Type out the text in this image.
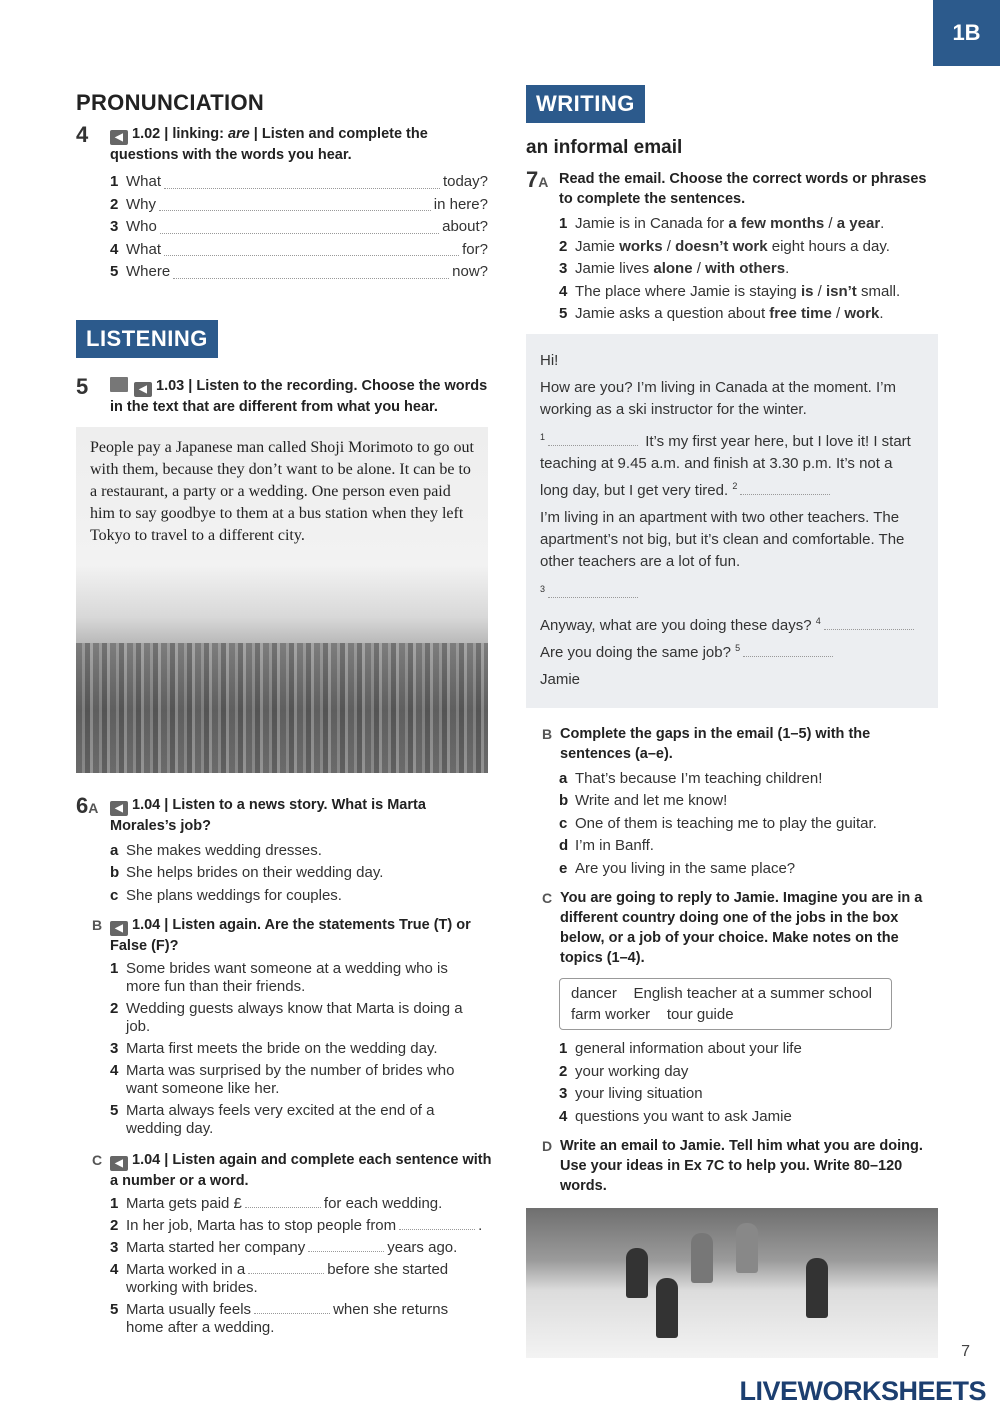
1B
PRONUNCIATION
4	◀ 1.02 | linking: are | Listen and complete the questions with the words you hear.
1 What	today?
2 Why	in here?
3 Who	about?
4 What	for?
5 Where	now?
LISTENING
5	◀ 1.03 | Listen to the recording. Choose the words in the text that are different from what you hear.

People pay a Japanese man called Shoji Morimoto to go out with them, because they don’t want to be alone. It can be to a restaurant, a party or a wedding. One person even paid him to say goodbye to them at a bus station when they left Tokyo to travel to a different city.

6A	◀ 1.04 | Listen to a news story. What is Marta Morales’s job?
a She makes wedding dresses.
b She helps brides on their wedding day.
c She plans weddings for couples.
B	◀ 1.04 | Listen again. Are the statements True (T) or False (F)?
1 Some brides want someone at a wedding who is more fun than their friends.
2 Wedding guests always know that Marta is doing a job.
3 Marta first meets the bride on the wedding day.
4 Marta was surprised by the number of brides who want someone like her.
5 Marta always feels very excited at the end of a wedding day.
C	◀ 1.04 | Listen again and complete each sentence with a number or a word.
1 Marta gets paid £	for each wedding.
2 In her job, Marta has to stop people from	.
3 Marta started her company	years ago.
4 Marta worked in a	before she started working with brides.
5 Marta usually feels	when she returns home after a wedding.
WRITING
an informal email
7A Read the email. Choose the correct words or phrases to complete the sentences.
1 Jamie is in Canada for a few months / a year.
2 Jamie works / doesn’t work eight hours a day.
3 Jamie lives alone / with others.
4 The place where Jamie is staying is / isn’t small.
5 Jamie asks a question about free time / work.

Hi!

How are you? I’m living in Canada at the moment. I’m working as a ski instructor for the winter.

$^1$	It’s my first year here, but I love it! I start teaching at 9.45 a.m. and finish at 3.30 p.m. It’s not a long day, but I get very tired. $^2$

I’m living in an apartment with two other teachers. The apartment’s not big, but it’s clean and comfortable. The other teachers are a lot of fun.

$^3$

Anyway, what are you doing these days? $^4$
Are you doing the same job? $^5$

Jamie

B Complete the gaps in the email (1–5) with the sentences (a–e).
a That’s because I’m teaching children!
b Write and let me know!
c One of them is teaching me to play the guitar.
d I’m in Banff.
e Are you living in the same place?
C You are going to reply to Jamie. Imagine you are in a different country doing one of the jobs in the box below, or a job of your choice. Make notes on the topics (1–4).
dancer    English teacher at a summer school
farm worker    tour guide
1 general information about your life
2 your working day
3 your living situation
4 questions you want to ask Jamie
D Write an email to Jamie. Tell him what you are doing. Use your ideas in Ex 7C to help you. Write 80–120 words.
7
LIVEWORKSHEETS
